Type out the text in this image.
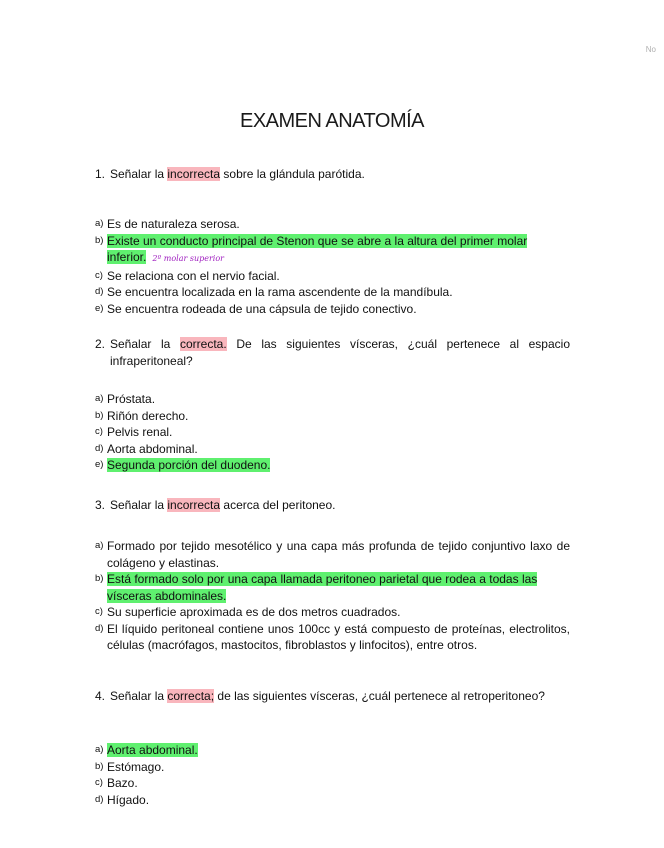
No
EXAMEN ANATOMÍA
1. Señalar la incorrecta sobre la glándula parótida.
a) Es de naturaleza serosa.
b) Existe un conducto principal de Stenon que se abre a la altura del primer molar inferior. 2º molar superior
c) Se relaciona con el nervio facial.
d) Se encuentra localizada en la rama ascendente de la mandíbula.
e) Se encuentra rodeada de una cápsula de tejido conectivo.
2. Señalar la correcta. De las siguientes vísceras, ¿cuál pertenece al espacio infraperitoneal?
a) Próstata.
b) Riñón derecho.
c) Pelvis renal.
d) Aorta abdominal.
e) Segunda porción del duodeno.
3. Señalar la incorrecta acerca del peritoneo.
a) Formado por tejido mesotélico y una capa más profunda de tejido conjuntivo laxo de colágeno y elastinas.
b) Está formado solo por una capa llamada peritoneo parietal que rodea a todas las vísceras abdominales.
c) Su superficie aproximada es de dos metros cuadrados.
d) El líquido peritoneal contiene unos 100cc y está compuesto de proteínas, electrolitos, células (macrófagos, mastocitos, fibroblastos y linfocitos), entre otros.
4. Señalar la correcta; de las siguientes vísceras, ¿cuál pertenece al retroperitoneo?
a) Aorta abdominal.
b) Estómago.
c) Bazo.
d) Hígado.
